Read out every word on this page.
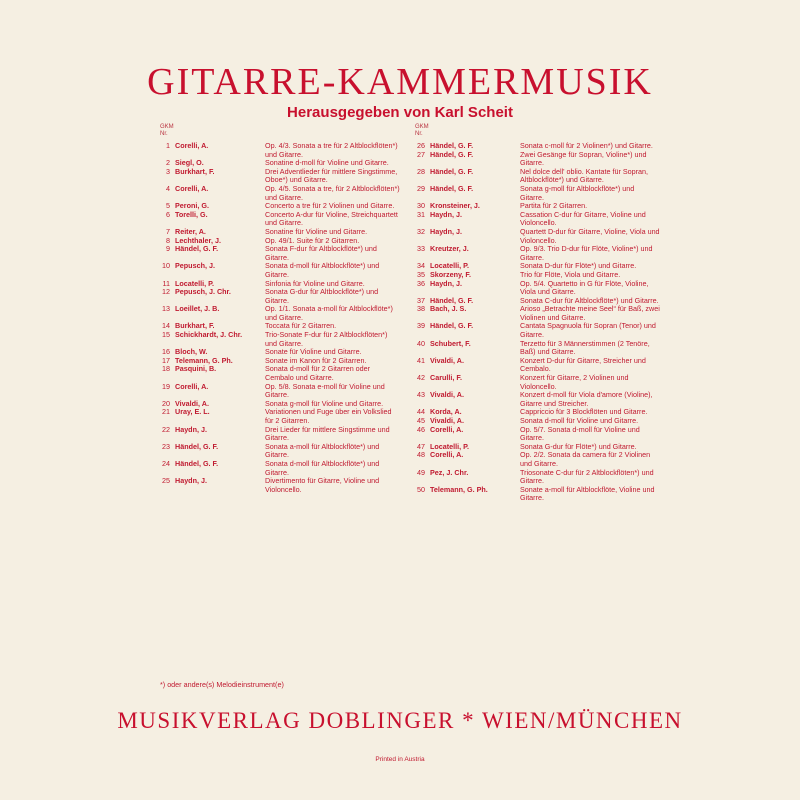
GITARRE-KAMMERMUSIK
Herausgegeben von Karl Scheit
GKM
Nr.
1 Corelli, A.	Op. 4/3. Sonata a tre für 2 Altblockflöten*) und Gitarre.
2 Siegl, O.	Sonatine d-moll für Violine und Gitarre.
3 Burkhart, F.	Drei Adventlieder für mittlere Singstimme, Oboe*) und Gitarre.
4 Corelli, A.	Op. 4/5. Sonata a tre, für 2 Altblockflöten*) und Gitarre.
5 Peroni, G.	Concerto a tre für 2 Violinen und Gitarre.
6 Torelli, G.	Concerto A-dur für Violine, Streichquartett und Gitarre.
7 Reiter, A.	Sonatine für Violine und Gitarre.
8 Lechthaler, J.	Op. 49/1. Suite für 2 Gitarren.
9 Händel, G. F.	Sonata F-dur für Altblockflöte*) und Gitarre.
10 Pepusch, J.	Sonata d-moll für Altblockflöte*) und Gitarre.
11 Locatelli, P.	Sinfonia für Violine und Gitarre.
12 Pepusch, J. Chr.	Sonata G-dur für Altblockflöte*) und Gitarre.
13 Loeillet, J. B.	Op. 1/1. Sonata a-moll für Altblockflöte*) und Gitarre.
14 Burkhart, F.	Toccata für 2 Gitarren.
15 Schickhardt, J. Chr.	Trio-Sonate F-dur für 2 Altblockflöten*) und Gitarre.
16 Bloch, W.	Sonate für Violine und Gitarre.
17 Telemann, G. Ph.	Sonate im Kanon für 2 Gitarren.
18 Pasquini, B.	Sonata d-moll für 2 Gitarren oder Cembalo und Gitarre.
19 Corelli, A.	Op. 5/8. Sonata e-moll für Violine und Gitarre.
20 Vivaldi, A.	Sonata g-moll für Violine und Gitarre.
21 Uray, E. L.	Variationen und Fuge über ein Volkslied für 2 Gitarren.
22 Haydn, J.	Drei Lieder für mittlere Singstimme und Gitarre.
23 Händel, G. F.	Sonata a-moll für Altblockflöte*) und Gitarre.
24 Händel, G. F.	Sonata d-moll für Altblockflöte*) und Gitarre.
25 Haydn, J.	Divertimento für Gitarre, Violine und Violoncello.
GKM
Nr.
26 Händel, G. F.	Sonata c-moll für 2 Violinen*) und Gitarre.
27 Händel, G. F.	Zwei Gesänge für Sopran, Violine*) und Gitarre.
28 Händel, G. F.	Nel dolce dell' oblio. Kantate für Sopran, Altblockflöte*) und Gitarre.
29 Händel, G. F.	Sonata g-moll für Altblockflöte*) und Gitarre.
30 Kronsteiner, J.	Partita für 2 Gitarren.
31 Haydn, J.	Cassation C-dur für Gitarre, Violine und Violoncello.
32 Haydn, J.	Quartett D-dur für Gitarre, Violine, Viola und Violoncello.
33 Kreutzer, J.	Op. 9/3. Trio D-dur für Flöte, Violine*) und Gitarre.
34 Locatelli, P.	Sonata D-dur für Flöte*) und Gitarre.
35 Skorzeny, F.	Trio für Flöte, Viola und Gitarre.
36 Haydn, J.	Op. 5/4. Quartetto in G für Flöte, Violine, Viola und Gitarre.
37 Händel, G. F.	Sonata C-dur für Altblockflöte*) und Gitarre.
38 Bach, J. S.	Arioso „Betrachte meine Seel“ für Baß, zwei Violinen und Gitarre.
39 Händel, G. F.	Cantata Spagnuola für Sopran (Tenor) und Gitarre.
40 Schubert, F.	Terzetto für 3 Männerstimmen (2 Tenöre, Baß) und Gitarre.
41 Vivaldi, A.	Konzert D-dur für Gitarre, Streicher und Cembalo.
42 Carulli, F.	Konzert für Gitarre, 2 Violinen und Violoncello.
43 Vivaldi, A.	Konzert d-moll für Viola d'amore (Violine), Gitarre und Streicher.
44 Korda, A.	Cappriccio für 3 Blockflöten und Gitarre.
45 Vivaldi, A.	Sonata d-moll für Violine und Gitarre.
46 Corelli, A.	Op. 5/7. Sonata d-moll für Violine und Gitarre.
47 Locatelli, P.	Sonata G-dur für Flöte*) und Gitarre.
48 Corelli, A.	Op. 2/2. Sonata da camera für 2 Violinen und Gitarre.
49 Pez, J. Chr.	Triosonate C-dur für 2 Altblockflöten*) und Gitarre.
50 Telemann, G. Ph.	Sonate a-moll für Altblockflöte, Violine und Gitarre.
*) oder andere(s) Melodieinstrument(e)
MUSIKVERLAG DOBLINGER * WIEN/MÜNCHEN
Printed in Austria
